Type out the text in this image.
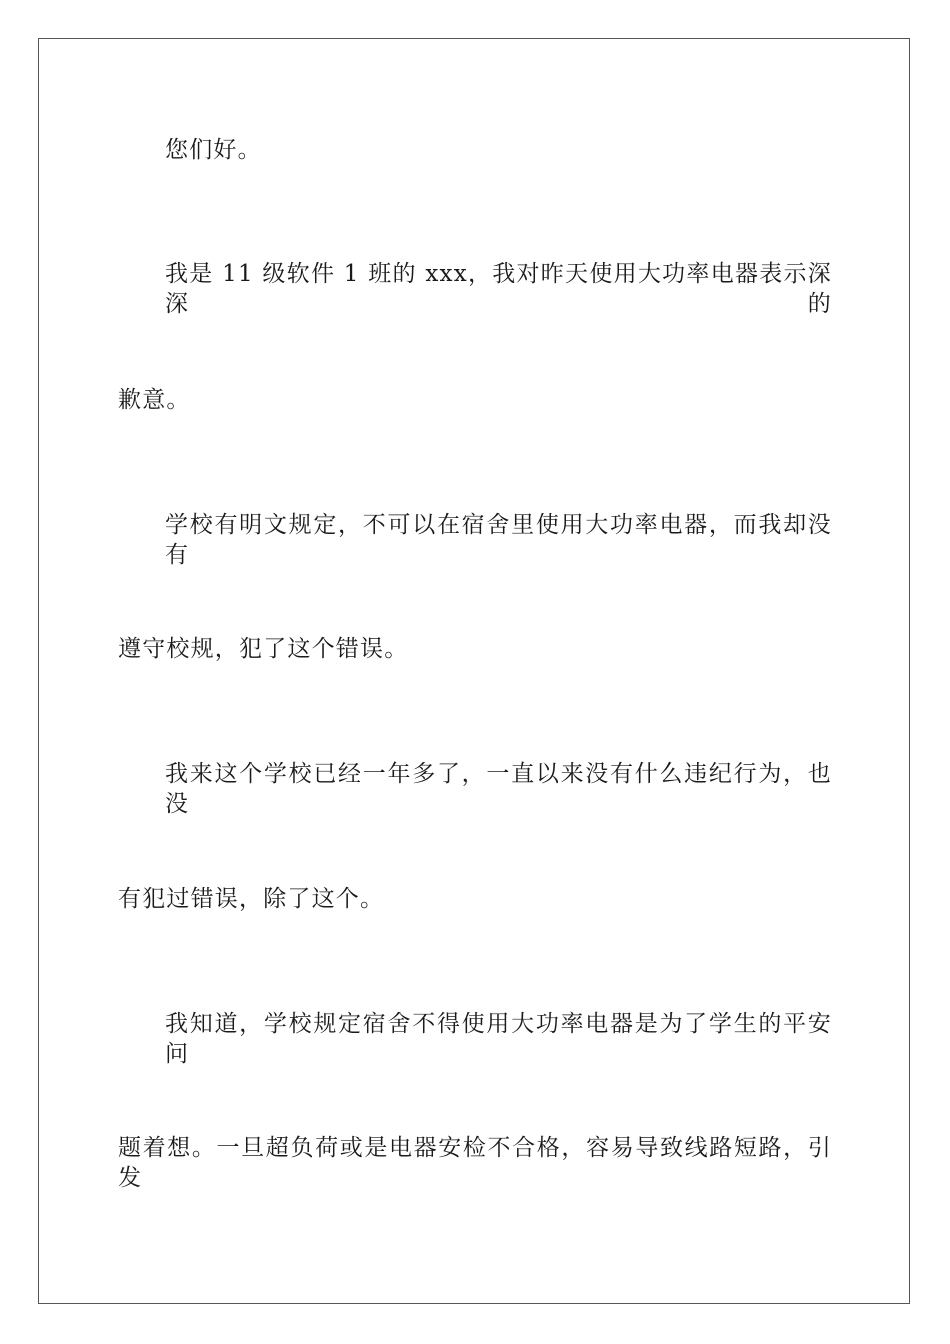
您们好。
我是 11 级软件 1 班的 xxx，我对昨天使用大功率电器表示深深的
歉意。
学校有明文规定，不可以在宿舍里使用大功率电器，而我却没有
遵守校规，犯了这个错误。
我来这个学校已经一年多了，一直以来没有什么违纪行为，也没
有犯过错误，除了这个。
我知道，学校规定宿舍不得使用大功率电器是为了学生的平安问
题着想。一旦超负荷或是电器安检不合格，容易导致线路短路，引发
